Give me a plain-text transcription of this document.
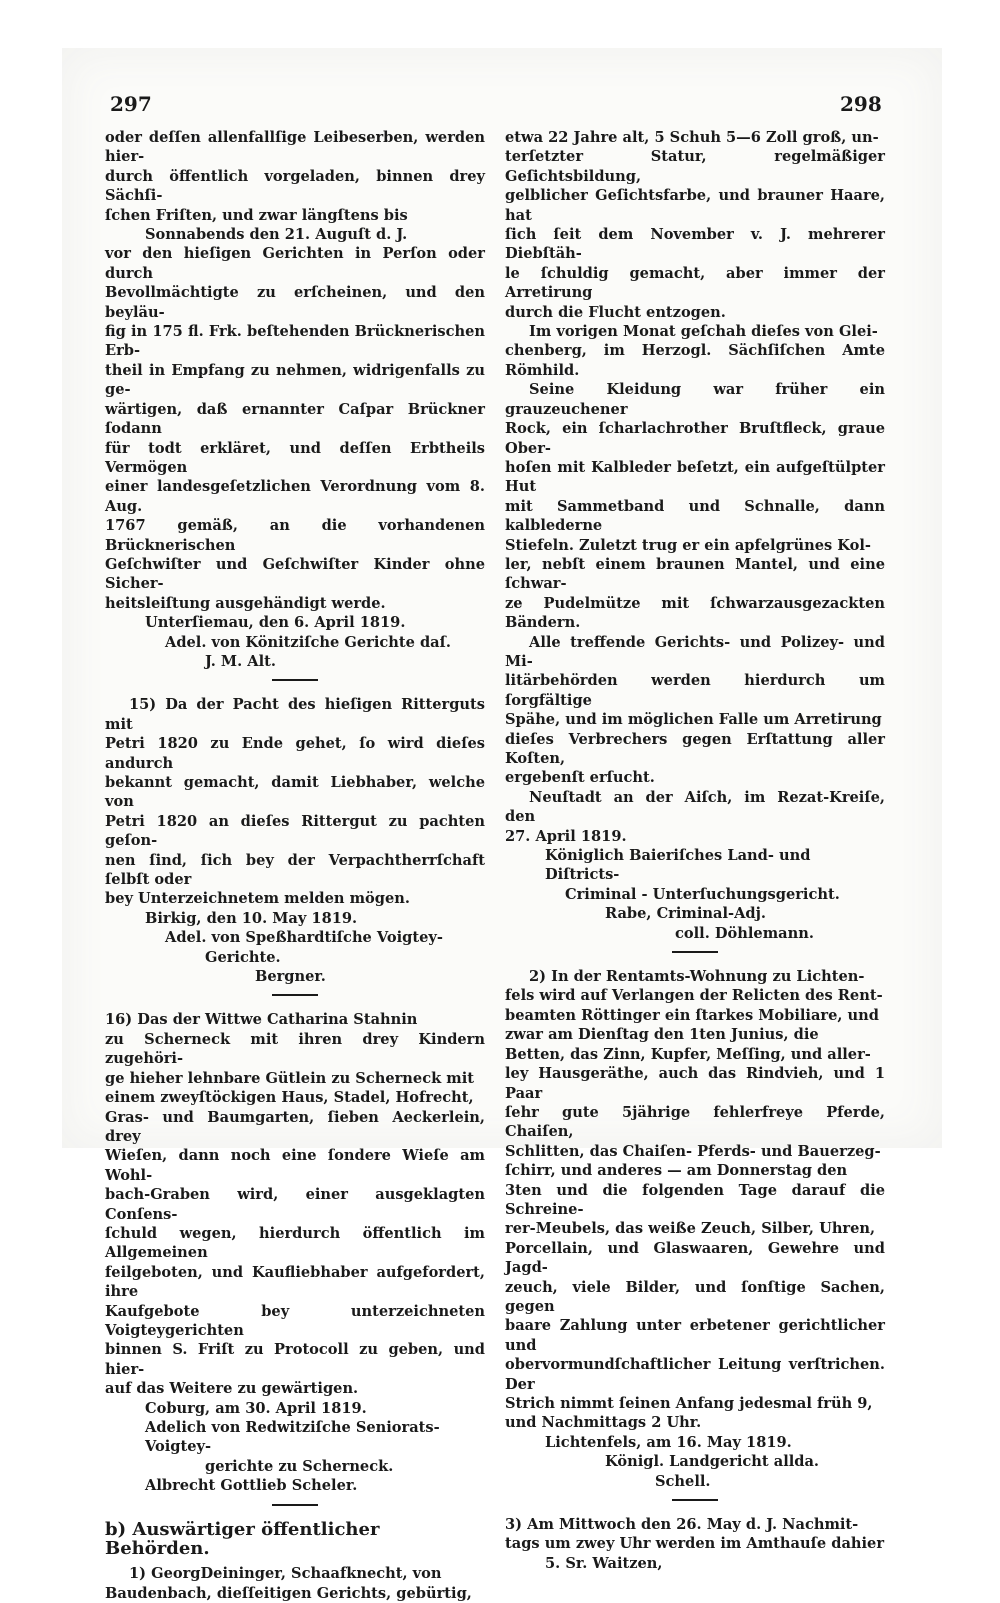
297	298

oder deſſen allenfallſige Leibeserben, werden hier-

durch öffentlich vorgeladen, binnen drey Sächſi-

ſchen Friſten, und zwar längſtens bis

Sonnabends den 21. Auguſt d. J.

vor den hieſigen Gerichten in Perſon oder durch

Bevollmächtigte zu erſcheinen, und den beyläu-

fig in 175 fl. Frk. beſtehenden Brücknerischen Erb-

theil in Empfang zu nehmen, widrigenfalls zu ge-

wärtigen, daß ernannter Caſpar Brückner ſodann

für todt erkläret, und deſſen Erbtheils Vermögen

einer landesgeſetzlichen Verordnung vom 8. Aug.

1767 gemäß, an die vorhandenen Brücknerischen

Geſchwiſter und Geſchwiſter Kinder ohne Sicher-

heitsleiſtung ausgehändigt werde.

Unterſiemau, den 6. April 1819.

Adel. von Könitziſche Gerichte daſ.

J. M. Alt.

15) Da der Pacht des hieſigen Ritterguts mit

Petri 1820 zu Ende gehet, ſo wird dieſes andurch

bekannt gemacht, damit Liebhaber, welche von

Petri 1820 an dieſes Rittergut zu pachten geſon-

nen ſind, ſich bey der Verpachtherrſchaft ſelbſt oder

bey Unterzeichnetem melden mögen.

Birkig, den 10. May 1819.

Adel. von Speßhardtiſche Voigtey-

Gerichte.

Bergner.

16) Das der Wittwe Catharina Stahnin

zu Scherneck mit ihren drey Kindern zugehöri-

ge hieher lehnbare Gütlein zu Scherneck mit

einem zweyſtöckigen Haus, Stadel, Hofrecht,

Gras- und Baumgarten, ſieben Aeckerlein, drey

Wieſen, dann noch eine ſondere Wieſe am Wohl-

bach-Graben wird, einer ausgeklagten Conſens-

ſchuld wegen, hierdurch öffentlich im Allgemeinen

feilgeboten, und Kaufliebhaber aufgefordert, ihre

Kaufgebote bey unterzeichneten Voigteygerichten

binnen S. Friſt zu Protocoll zu geben, und hier-

auf das Weitere zu gewärtigen.

Coburg, am 30. April 1819.

Adelich von Redwitziſche Seniorats-Voigtey-

gerichte zu Scherneck.

Albrecht Gottlieb Scheler.

b) Auswärtiger öffentlicher Behörden.

1) GeorgDeininger, Schaafknecht, von

Baudenbach, dieſſeitigen Gerichts, gebürtig,

etwa 22 Jahre alt, 5 Schuh 5—6 Zoll groß, un-

terſetzter Statur, regelmäßiger Geſichtsbildung,

gelblicher Geſichtsfarbe, und brauner Haare, hat

ſich ſeit dem November v. J. mehrerer Diebſtäh-

le ſchuldig gemacht, aber immer der Arretirung

durch die Flucht entzogen.

Im vorigen Monat geſchah dieſes von Glei-

chenberg, im Herzogl. Sächſiſchen Amte Römhild.

Seine Kleidung war früher ein grauzeuchener

Rock, ein ſcharlachrother Bruſtfleck, graue Ober-

hoſen mit Kalbleder beſetzt, ein aufgeſtülpter Hut

mit Sammetband und Schnalle, dann kalblederne

Stiefeln. Zuletzt trug er ein apfelgrünes Kol-

ler, nebſt einem braunen Mantel, und eine ſchwar-

ze Pudelmütze mit ſchwarzausgezackten Bändern.

Alle treffende Gerichts- und Polizey- und Mi-

litärbehörden werden hierdurch um ſorgfältige

Spähe, und im möglichen Falle um Arretirung

dieſes Verbrechers gegen Erſtattung aller Koſten,

ergebenſt erſucht.

Neuſtadt an der Aiſch, im Rezat-Kreiſe, den

27. April 1819.

Königlich Baieriſches Land- und Diſtricts-

Criminal - Unterſuchungsgericht.

Rabe, Criminal-Adj.

coll. Döhlemann.

2) In der Rentamts-Wohnung zu Lichten-

fels wird auf Verlangen der Relicten des Rent-

beamten Röttinger ein ſtarkes Mobiliare, und

zwar am Dienſtag den 1ten Junius, die

Betten, das Zinn, Kupfer, Meſſing, und aller-

ley Hausgeräthe, auch das Rindvieh, und 1 Paar

ſehr gute 5jährige fehlerfreye Pferde, Chaiſen,

Schlitten, das Chaiſen- Pferds- und Bauerzeg-

ſchirr, und anderes — am Donnerstag den

3ten und die folgenden Tage darauf die Schreine-

rer-Meubels, das weiße Zeuch, Silber, Uhren,

Porcellain, und Glaswaaren, Gewehre und Jagd-

zeuch, viele Bilder, und ſonſtige Sachen, gegen

baare Zahlung unter erbetener gerichtlicher und

obervormundſchaftlicher Leitung verſtrichen. Der

Strich nimmt ſeinen Anfang jedesmal früh 9,

und Nachmittags 2 Uhr.

Lichtenfels, am 16. May 1819.

Königl. Landgericht allda.

Schell.

3) Am Mittwoch den 26. May d. J. Nachmit-

tags um zwey Uhr werden im Amthauſe dahier

5. Sr. Waitzen,
